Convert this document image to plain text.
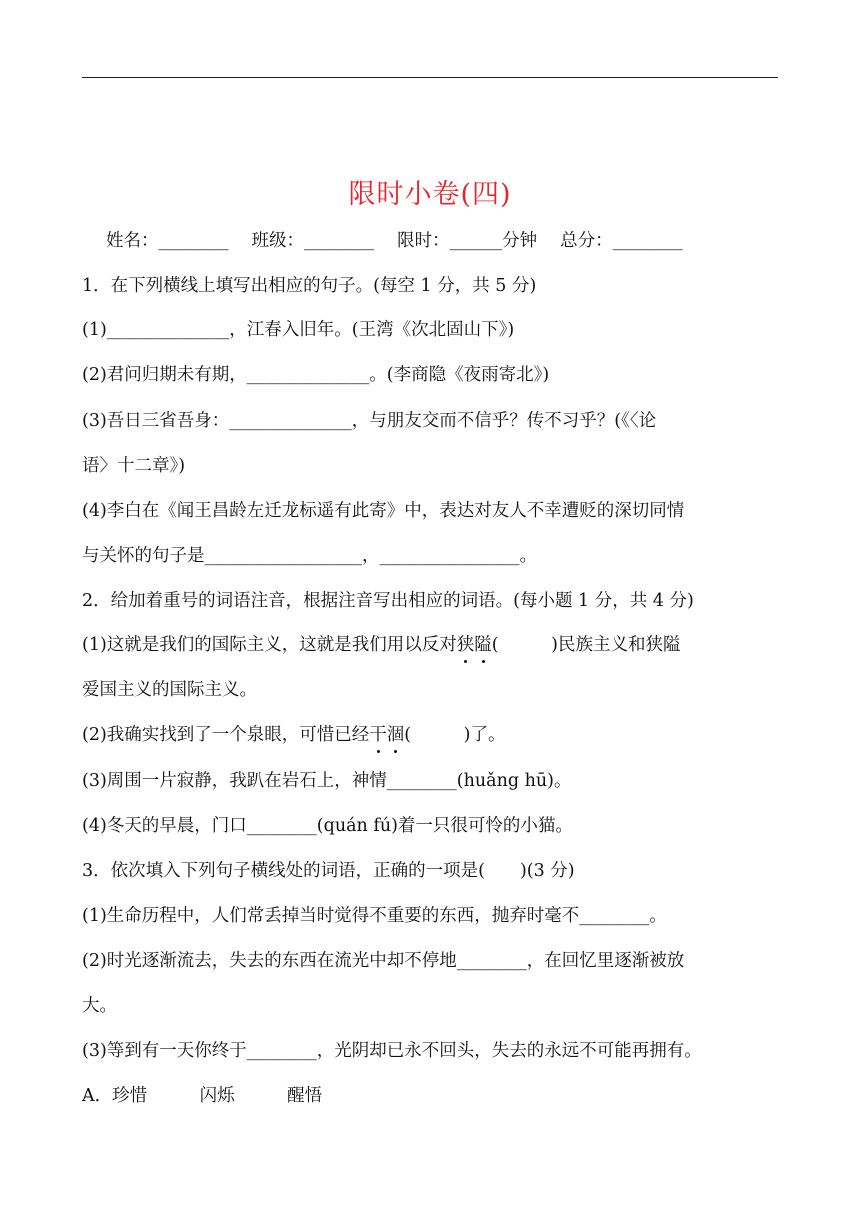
限时小卷(四)
姓名：________　 班级：________　 限时：______分钟　 总分：________
1．在下列横线上填写出相应的句子。(每空 1 分，共 5 分)
(1)______________，江春入旧年。(王湾《次北固山下》)
(2)君问归期未有期，______________。(李商隐《夜雨寄北》)
(3)吾日三省吾身：______________，与朋友交而不信乎？传不习乎？(《〈论
语〉十二章》)
(4)李白在《闻王昌龄左迁龙标遥有此寄》中，表达对友人不幸遭贬的深切同情
与关怀的句子是__________________，________________。
2．给加着重号的词语注音，根据注音写出相应的词语。(每小题 1 分，共 4 分)
(1)这就是我们的国际主义，这就是我们用以反对狭隘(　　　)民族主义和狭隘
爱国主义的国际主义。
(2)我确实找到了一个泉眼，可惜已经干涸(　　　)了。
(3)周围一片寂静，我趴在岩石上，神情________(huǎng hū)。
(4)冬天的早晨，门口________(quán fú)着一只很可怜的小猫。
3．依次填入下列句子横线处的词语，正确的一项是(　　)(3 分)
(1)生命历程中，人们常丢掉当时觉得不重要的东西，抛弃时毫不________。
(2)时光逐渐流去，失去的东西在流光中却不停地________，在回忆里逐渐被放
大。
(3)等到有一天你终于________，光阴却已永不回头，失去的永远不可能再拥有。
A．珍惜　　　闪烁　　　醒悟
